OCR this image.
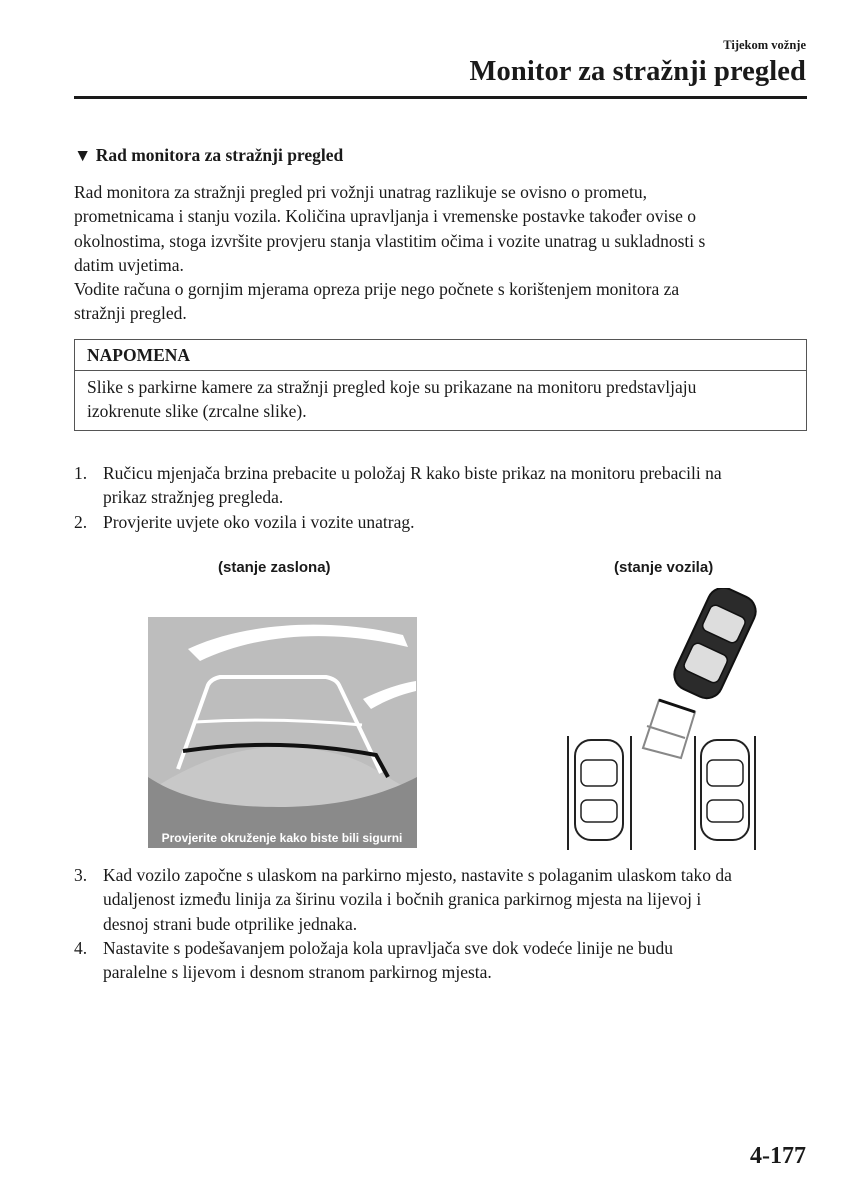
Tijekom vožnje
Monitor za stražnji pregled
▼ Rad monitora za stražnji pregled
Rad monitora za stražnji pregled pri vožnji unatrag razlikuje se ovisno o prometu,
prometnicama i stanju vozila. Količina upravljanja i vremenske postavke također ovise o
okolnostima, stoga izvršite provjeru stanja vlastitim očima i vozite unatrag u sukladnosti s
datim uvjetima.
Vodite računa o gornjim mjerama opreza prije nego počnete s korištenjem monitora za
stražnji pregled.
NAPOMENA
Slike s parkirne kamere za stražnji pregled koje su prikazane na monitoru predstavljaju
izokrenute slike (zrcalne slike).
1. Ručicu mjenjača brzina prebacite u položaj R kako biste prikaz na monitoru prebacili na
prikaz stražnjeg pregleda.
2. Provjerite uvjete oko vozila i vozite unatrag.
(stanje zaslona)	(stanje vozila)
Provjerite okruženje kako biste bili sigurni
3. Kad vozilo započne s ulaskom na parkirno mjesto, nastavite s polaganim ulaskom tako da
udaljenost između linija za širinu vozila i bočnih granica parkirnog mjesta na lijevoj i
desnoj strani bude otprilike jednaka.
4. Nastavite s podešavanjem položaja kola upravljača sve dok vodeće linije ne budu
paralelne s lijevom i desnom stranom parkirnog mjesta.
4-177
